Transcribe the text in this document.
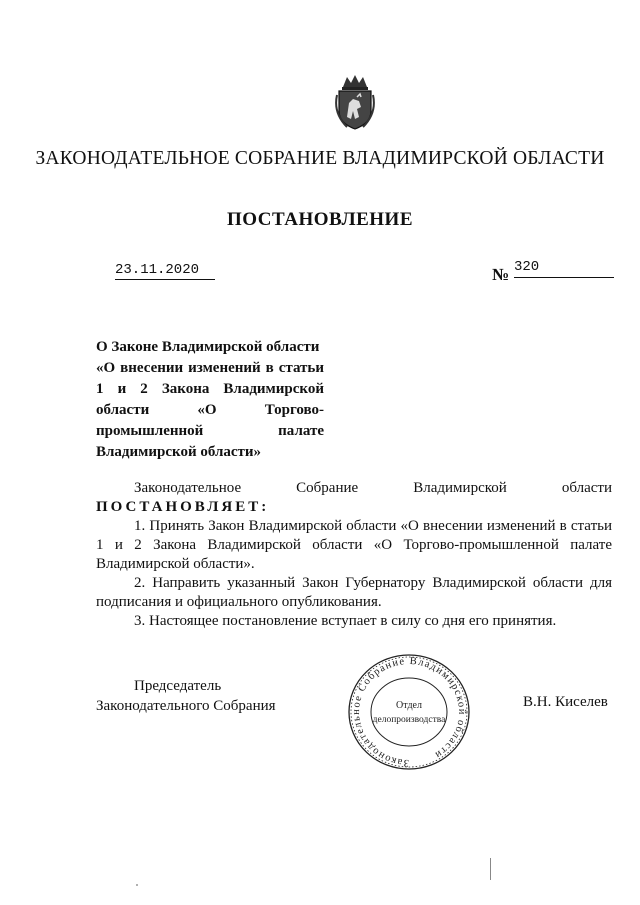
ЗАКОНОДАТЕЛЬНОЕ СОБРАНИЕ ВЛАДИМИРСКОЙ ОБЛАСТИ
ПОСТАНОВЛЕНИЕ
23.11.2020	№ 320
О Законе Владимирской области
«О внесении изменений в статьи
1 и 2 Закона Владимирской
области «О Торгово-
промышленной палате
Владимирской области»
Законодательное Собрание Владимирской области
ПОСТАНОВЛЯЕТ:
1. Принять Закон Владимирской области «О внесении изменений в статьи 1 и 2 Закона Владимирской области «О Торгово-промышленной палате Владимирской области».
2. Направить указанный Закон Губернатору Владимирской области для подписания и официального опубликования.
3. Настоящее постановление вступает в силу со дня его принятия.
Председатель
Законодательного Собрания
Законодательное Собрание Владимирской области
Отдел
делопроизводства
В.Н. Киселев
